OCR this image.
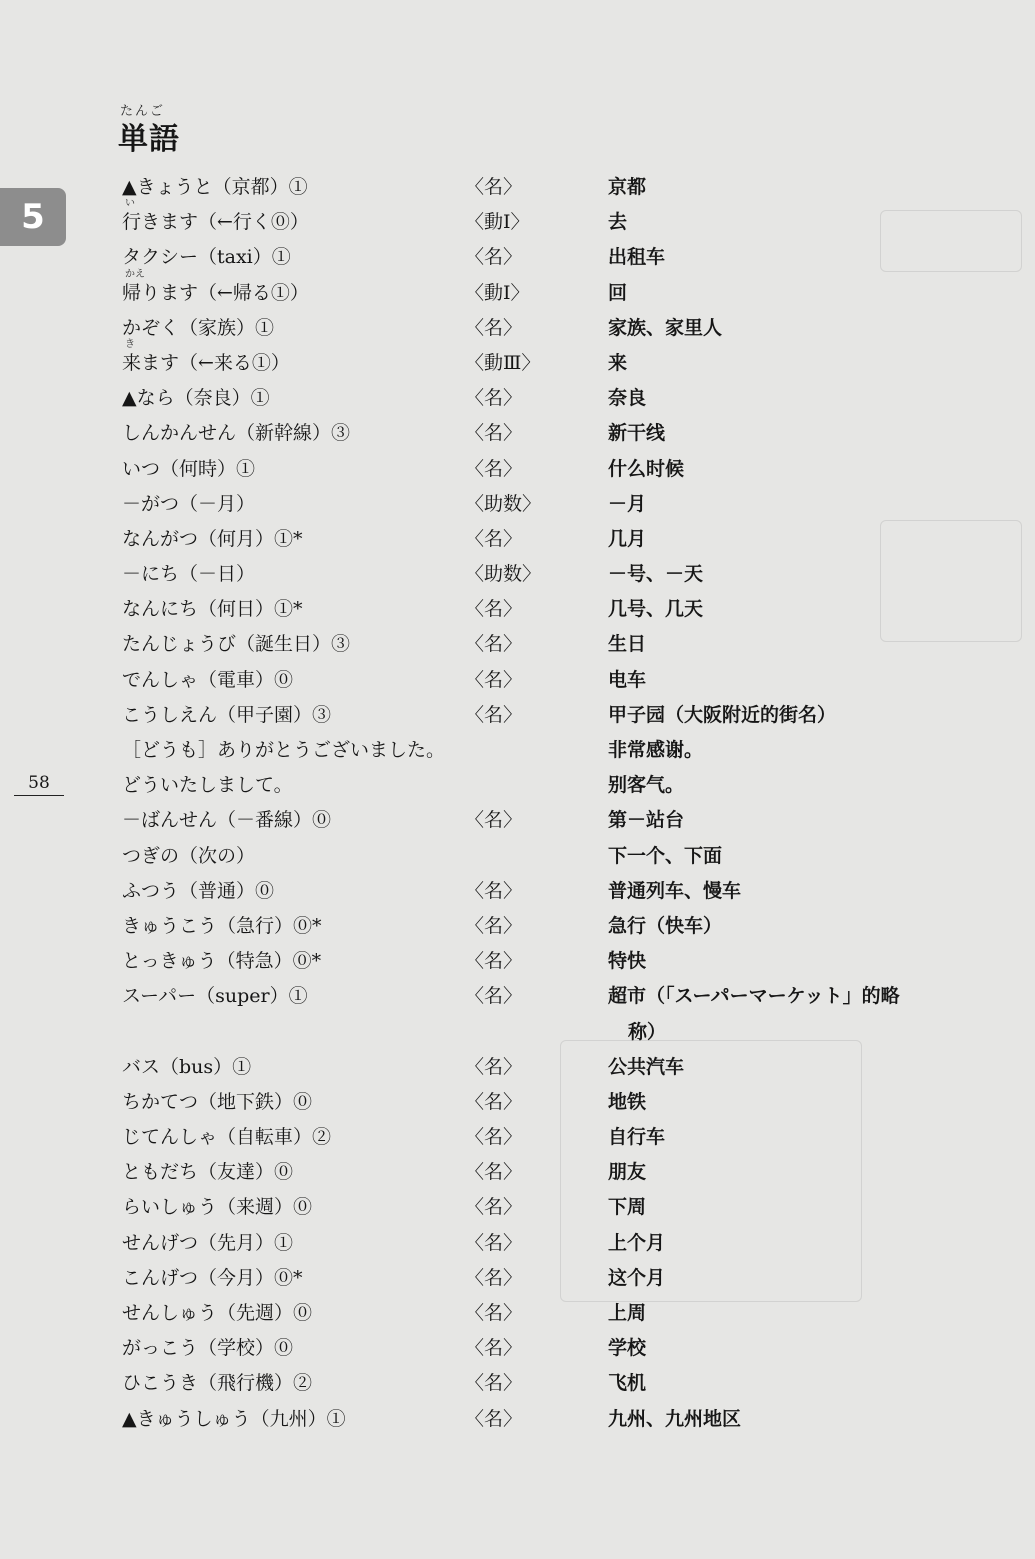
5
たんご
単語
58
▲きょうと（京都）①	〈名〉	京都
い
行きます（←行く⓪）	〈動Ⅰ〉	去
タクシー（taxi）①	〈名〉	出租车
かえ
帰ります（←帰る①）	〈動Ⅰ〉	回
かぞく（家族）①	〈名〉	家族、家里人
き
来ます（←来る①）	〈動Ⅲ〉	来
▲なら（奈良）①	〈名〉	奈良
しんかんせん（新幹線）③	〈名〉	新干线
いつ（何時）①	〈名〉	什么时候
－がつ（－月）	〈助数〉	－月
なんがつ（何月）①*	〈名〉	几月
－にち（－日）	〈助数〉	－号、－天
なんにち（何日）①*	〈名〉	几号、几天
たんじょうび（誕生日）③	〈名〉	生日
でんしゃ（電車）⓪	〈名〉	电车
こうしえん（甲子園）③	〈名〉	甲子园（大阪附近的街名）
［どうも］ありがとうございました。	非常感谢。
どういたしまして。	别客气。
－ばんせん（－番線）⓪	〈名〉	第－站台
つぎの（次の）	下一个、下面
ふつう（普通）⓪	〈名〉	普通列车、慢车
きゅうこう（急行）⓪*	〈名〉	急行（快车）
とっきゅう（特急）⓪*	〈名〉	特快
スーパー（super）①	〈名〉	超市（「スーパーマーケット」的略
称）
バス（bus）①	〈名〉	公共汽车
ちかてつ（地下鉄）⓪	〈名〉	地铁
じてんしゃ（自転車）②	〈名〉	自行车
ともだち（友達）⓪	〈名〉	朋友
らいしゅう（来週）⓪	〈名〉	下周
せんげつ（先月）①	〈名〉	上个月
こんげつ（今月）⓪*	〈名〉	这个月
せんしゅう（先週）⓪	〈名〉	上周
がっこう（学校）⓪	〈名〉	学校
ひこうき（飛行機）②	〈名〉	飞机
▲きゅうしゅう（九州）①	〈名〉	九州、九州地区
